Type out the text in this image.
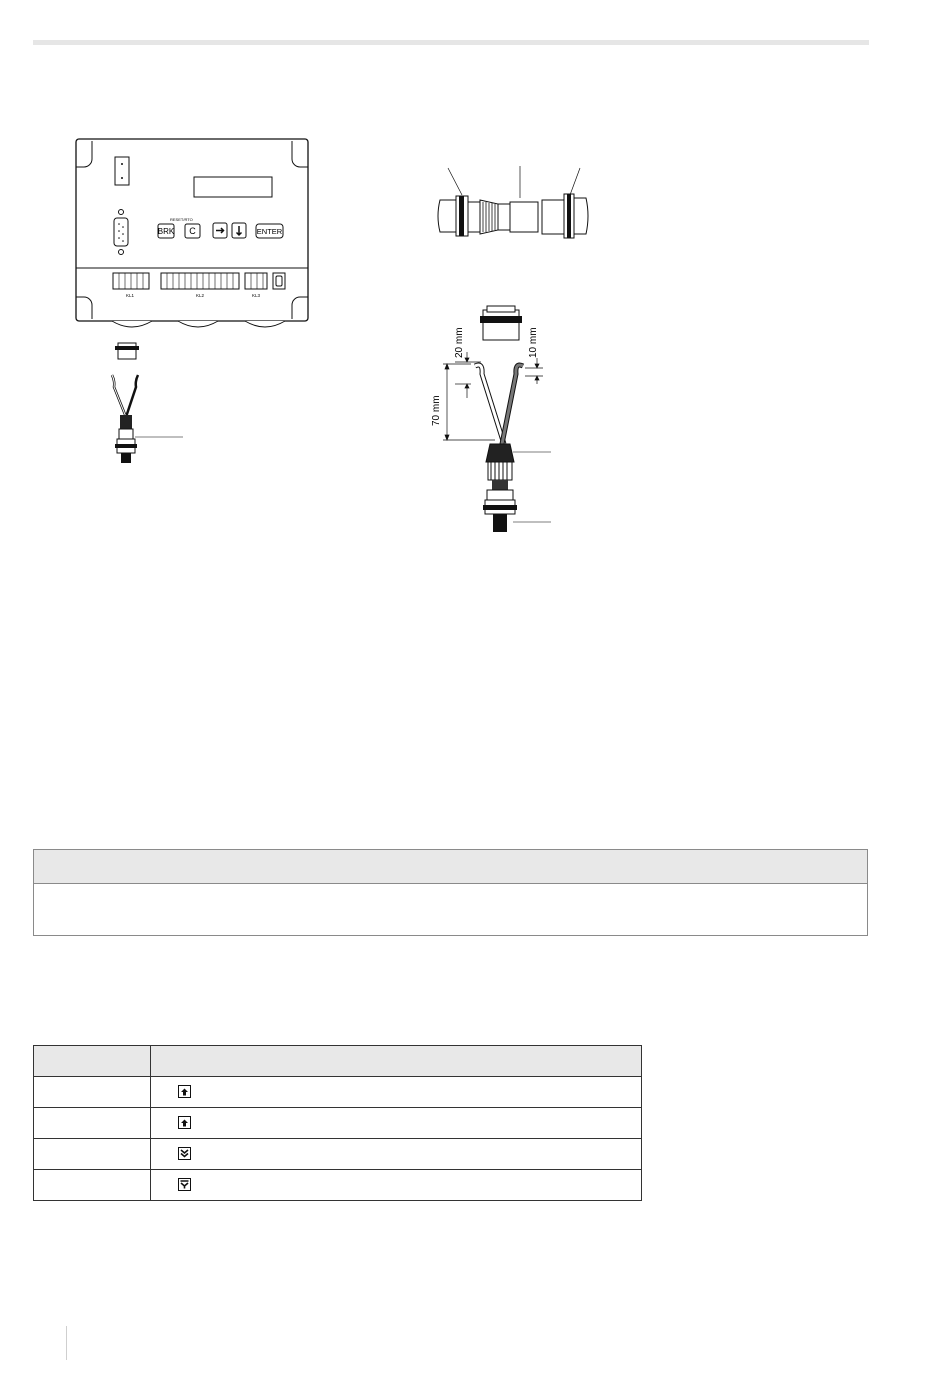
RESET/RTO
BRK C	ENTER
KL1	KL2	KL3
20 mm	10 mm
70 mm
